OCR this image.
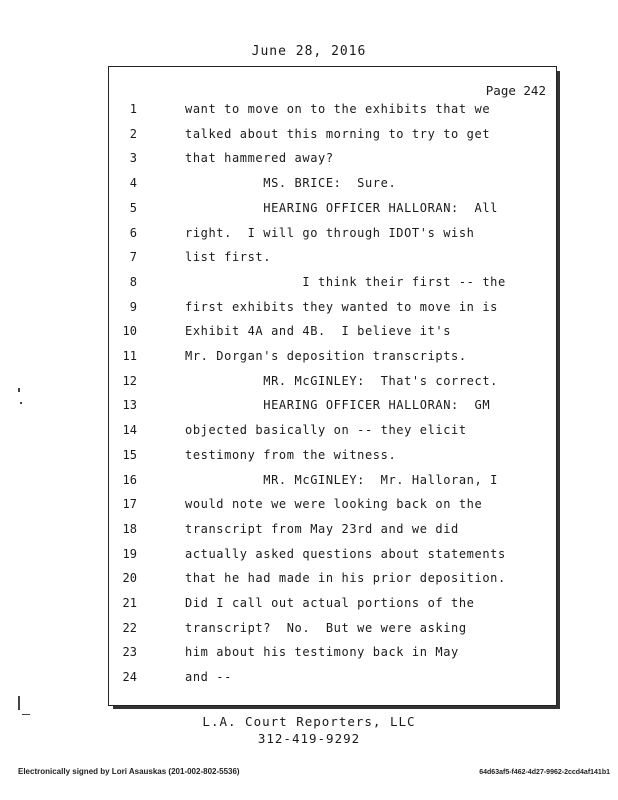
June 28, 2016
Page 242
1	want to move on to the exhibits that we
2	talked about this morning to try to get
3	that hammered away?
4	MS. BRICE:  Sure.
5	HEARING OFFICER HALLORAN:  All
6	right.  I will go through IDOT's wish
7	list first.
8	I think their first -- the
9	first exhibits they wanted to move in is
10	Exhibit 4A and 4B.  I believe it's
11	Mr. Dorgan's deposition transcripts.
12	MR. McGINLEY:  That's correct.
13	HEARING OFFICER HALLORAN:  GM
14	objected basically on -- they elicit
15	testimony from the witness.
16	MR. McGINLEY:  Mr. Halloran, I
17	would note we were looking back on the
18	transcript from May 23rd and we did
19	actually asked questions about statements
20	that he had made in his prior deposition.
21	Did I call out actual portions of the
22	transcript?  No.  But we were asking
23	him about his testimony back in May
24	and --
L.A. Court Reporters, LLC
312-419-9292
Electronically signed by Lori Asauskas (201-002-802-5536)	64d63af5-f462-4d27-9962-2ccd4af141b1
